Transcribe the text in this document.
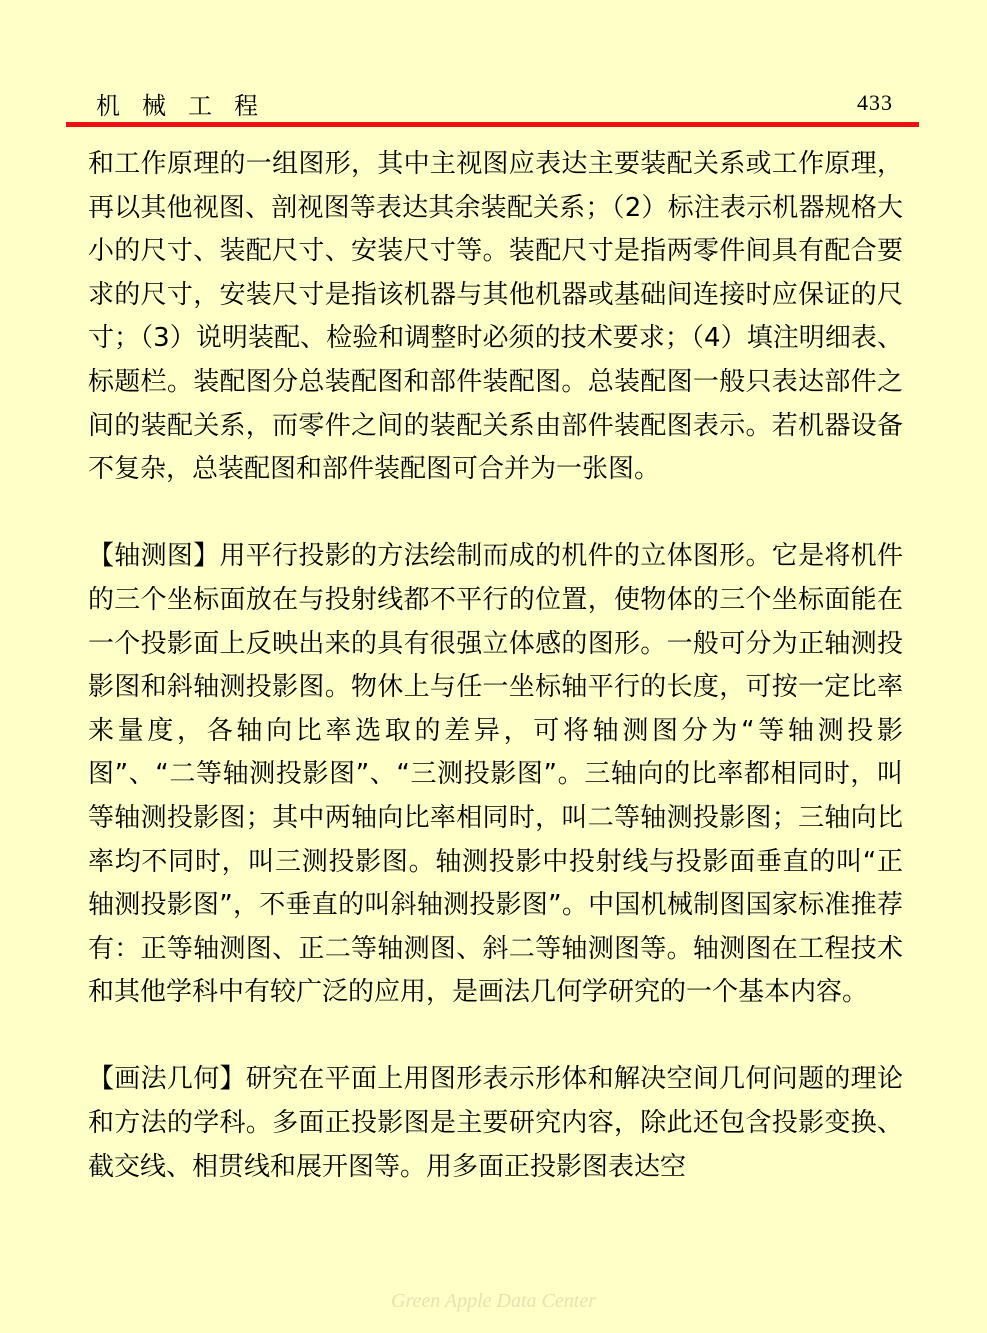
机械工程	433

和工作原理的一组图形，其中主视图应表达主要装配关系或工作原理，再以其他视图、剖视图等表达其余装配关系；（2）标注表示机器规格大小的尺寸、装配尺寸、安装尺寸等。装配尺寸是指两零件间具有配合要求的尺寸，安装尺寸是指该机器与其他机器或基础间连接时应保证的尺寸；（3）说明装配、检验和调整时必须的技术要求；（4）填注明细表、标题栏。装配图分总装配图和部件装配图。总装配图一般只表达部件之间的装配关系，而零件之间的装配关系由部件装配图表示。若机器设备不复杂，总装配图和部件装配图可合并为一张图。

【轴测图】用平行投影的方法绘制而成的机件的立体图形。它是将机件的三个坐标面放在与投射线都不平行的位置，使物体的三个坐标面能在一个投影面上反映出来的具有很强立体感的图形。一般可分为正轴测投影图和斜轴测投影图。物休上与任一坐标轴平行的长度，可按一定比率来量度，各轴向比率选取的差异，可将轴测图分为“等轴测投影图”、“二等轴测投影图”、“三测投影图”。三轴向的比率都相同时，叫等轴测投影图；其中两轴向比率相同时，叫二等轴测投影图；三轴向比率均不同时，叫三测投影图。轴测投影中投射线与投影面垂直的叫“正轴测投影图”，不垂直的叫斜轴测投影图”。中国机械制图国家标准推荐有：正等轴测图、正二等轴测图、斜二等轴测图等。轴测图在工程技术和其他学科中有较广泛的应用，是画法几何学研究的一个基本内容。

【画法几何】研究在平面上用图形表示形体和解决空间几何问题的理论和方法的学科。多面正投影图是主要研究内容，除此还包含投影变换、截交线、相贯线和展开图等。用多面正投影图表达空

Green Apple Data Center
